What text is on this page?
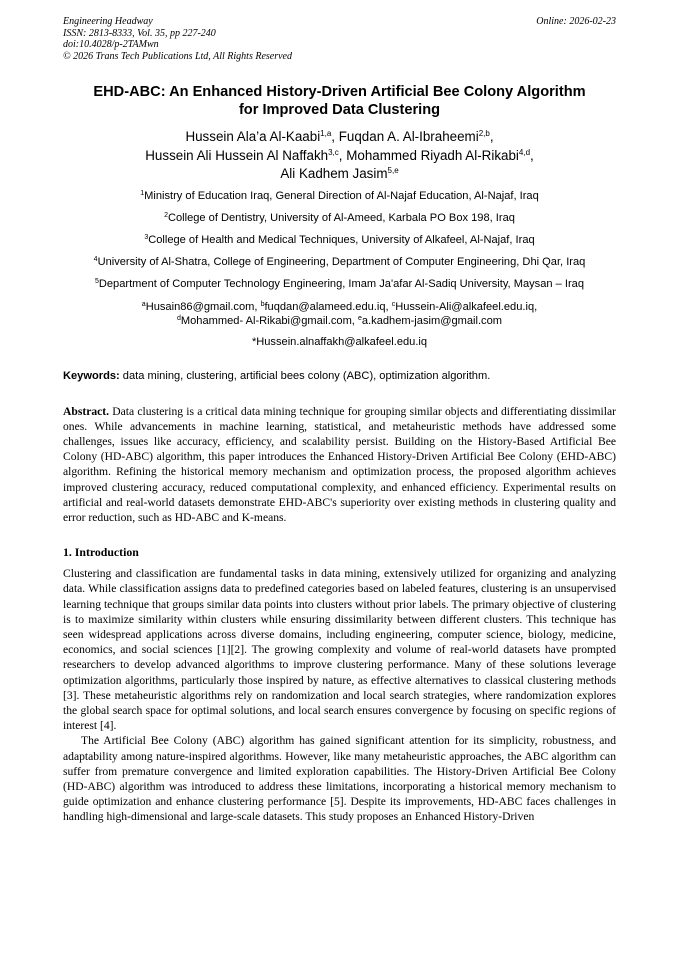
Engineering Headway
ISSN: 2813-8333, Vol. 35, pp 227-240
doi:10.4028/p-2TAMwn
© 2026 Trans Tech Publications Ltd, All Rights Reserved
Online: 2026-02-23
EHD-ABC: An Enhanced History-Driven Artificial Bee Colony Algorithm
for Improved Data Clustering
Hussein Ala’a Al-Kaabi$^{1,a}$, Fuqdan A. Al-Ibraheemi$^{2,b}$,
Hussein Ali Hussein Al Naffakh$^{3,c}$, Mohammed Riyadh Al-Rikabi$^{4,d}$,
Ali Kadhem Jasim$^{5,e}$
$^1$Ministry of Education Iraq, General Direction of Al-Najaf Education, Al-Najaf, Iraq
$^2$College of Dentistry, University of Al-Ameed, Karbala PO Box 198, Iraq
$^3$College of Health and Medical Techniques, University of Alkafeel, Al-Najaf, Iraq
$^4$University of Al-Shatra, College of Engineering, Department of Computer Engineering, Dhi Qar, Iraq
$^5$Department of Computer Technology Engineering, Imam Ja'afar Al-Sadiq University, Maysan – Iraq
$^a$Husain86@gmail.com, $^b$fuqdan@alameed.edu.iq, $^c$Hussein-Ali@alkafeel.edu.iq,
$^d$Mohammed- Al-Rikabi@gmail.com, $^e$a.kadhem-jasim@gmail.com
*Hussein.alnaffakh@alkafeel.edu.iq
Keywords: data mining, clustering, artificial bees colony (ABC), optimization algorithm.
Abstract. Data clustering is a critical data mining technique for grouping similar objects and differentiating dissimilar ones. While advancements in machine learning, statistical, and metaheuristic methods have addressed some challenges, issues like accuracy, efficiency, and scalability persist. Building on the History-Based Artificial Bee Colony (HD-ABC) algorithm, this paper introduces the Enhanced History-Driven Artificial Bee Colony (EHD-ABC) algorithm. Refining the historical memory mechanism and optimization process, the proposed algorithm achieves improved clustering accuracy, reduced computational complexity, and enhanced efficiency. Experimental results on artificial and real-world datasets demonstrate EHD-ABC's superiority over existing methods in clustering quality and error reduction, such as HD-ABC and K-means.
1. Introduction
Clustering and classification are fundamental tasks in data mining, extensively utilized for organizing and analyzing data. While classification assigns data to predefined categories based on labeled features, clustering is an unsupervised learning technique that groups similar data points into clusters without prior labels. The primary objective of clustering is to maximize similarity within clusters while ensuring dissimilarity between different clusters. This technique has seen widespread applications across diverse domains, including engineering, computer science, biology, medicine, economics, and social sciences [1][2]. The growing complexity and volume of real-world datasets have prompted researchers to develop advanced algorithms to improve clustering performance. Many of these solutions leverage optimization algorithms, particularly those inspired by nature, as effective alternatives to classical clustering methods [3]. These metaheuristic algorithms rely on randomization and local search strategies, where randomization explores the global search space for optimal solutions, and local search ensures convergence by focusing on specific regions of interest [4].
The Artificial Bee Colony (ABC) algorithm has gained significant attention for its simplicity, robustness, and adaptability among nature-inspired algorithms. However, like many metaheuristic approaches, the ABC algorithm can suffer from premature convergence and limited exploration capabilities. The History-Driven Artificial Bee Colony (HD-ABC) algorithm was introduced to address these limitations, incorporating a historical memory mechanism to guide optimization and enhance clustering performance [5]. Despite its improvements, HD-ABC faces challenges in handling high-dimensional and large-scale datasets. This study proposes an Enhanced History-Driven
